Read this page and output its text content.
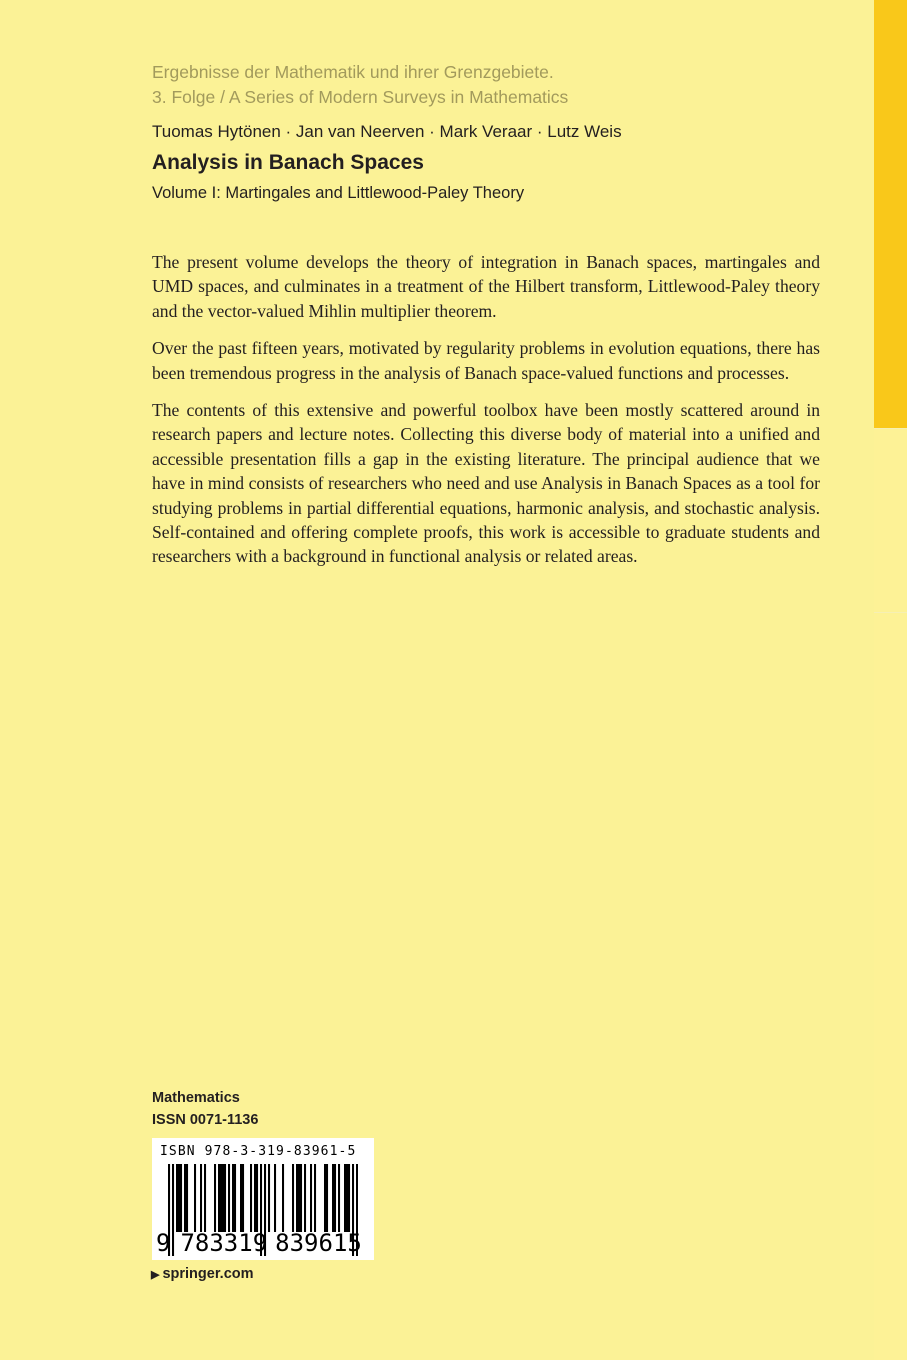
Ergebnisse der Mathematik und ihrer Grenzgebiete.
3. Folge / A Series of Modern Surveys in Mathematics
Tuomas Hytönen · Jan van Neerven · Mark Veraar · Lutz Weis
Analysis in Banach Spaces
Volume I: Martingales and Littlewood-Paley Theory

The present volume develops the theory of integration in Banach spaces, martingales and UMD spaces, and culminates in a treatment of the Hilbert transform, Littlewood-Paley theory and the vector-valued Mihlin multiplier theorem.

Over the past fifteen years, motivated by regularity problems in evolution equations, there has been tremendous progress in the analysis of Banach space-valued functions and processes.

The contents of this extensive and powerful toolbox have been mostly scattered around in research papers and lecture notes. Collecting this diverse body of material into a unified and accessible presentation fills a gap in the existing literature. The principal audience that we have in mind consists of researchers who need and use Analysis in Banach Spaces as a tool for studying problems in partial differential equations, harmonic analysis, and stochastic analysis. Self-contained and offering complete proofs, this work is accessible to graduate students and researchers with a background in functional analysis or related areas.

Mathematics
ISSN 0071-1136
ISBN 978-3-319-83961-5
9 783319 839615
▶ springer.com
